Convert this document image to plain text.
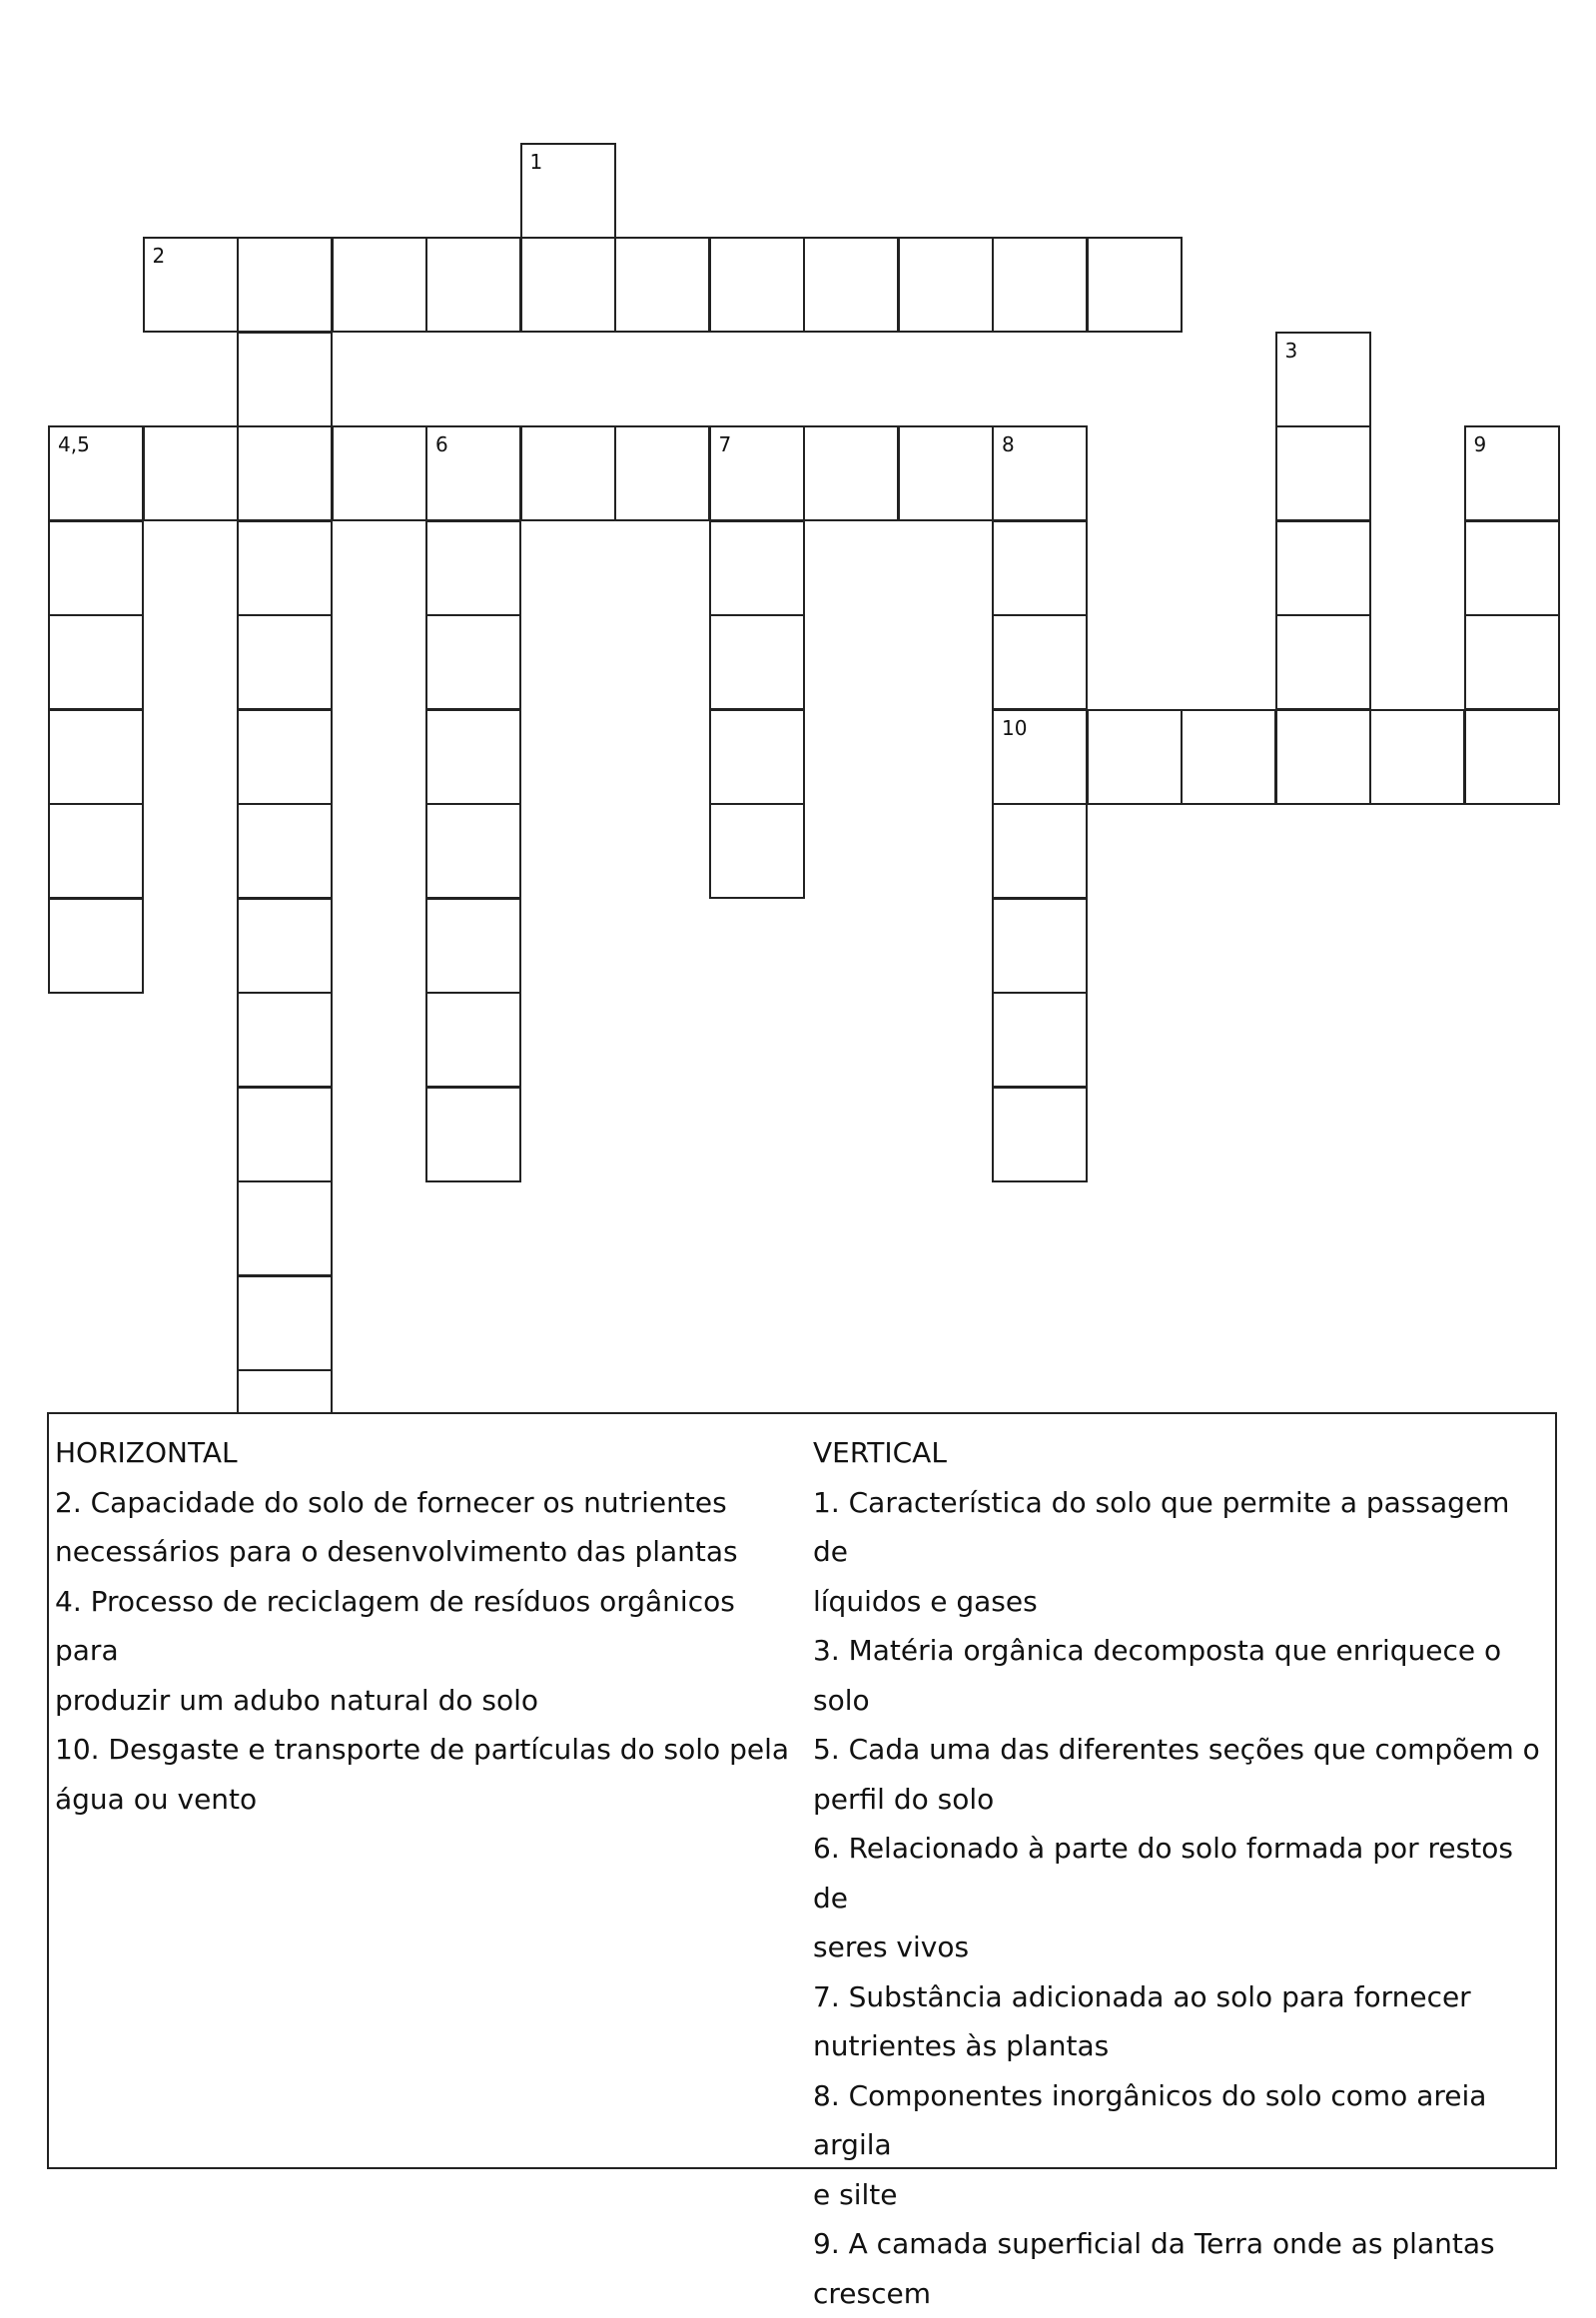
1
2
3
4,5	6	7	8	9
10
HORIZONTAL
2. Capacidade do solo de fornecer os nutrientes
necessários para o desenvolvimento das plantas
4. Processo de reciclagem de resíduos orgânicos para
produzir um adubo natural do solo
10. Desgaste e transporte de partículas do solo pela
água ou vento
VERTICAL
1. Característica do solo que permite a passagem de
líquidos e gases
3. Matéria orgânica decomposta que enriquece o solo
5. Cada uma das diferentes seções que compõem o
perfil do solo
6. Relacionado à parte do solo formada por restos de
seres vivos
7. Substância adicionada ao solo para fornecer
nutrientes às plantas
8. Componentes inorgânicos do solo como areia argila
e silte
9. A camada superficial da Terra onde as plantas
crescem
